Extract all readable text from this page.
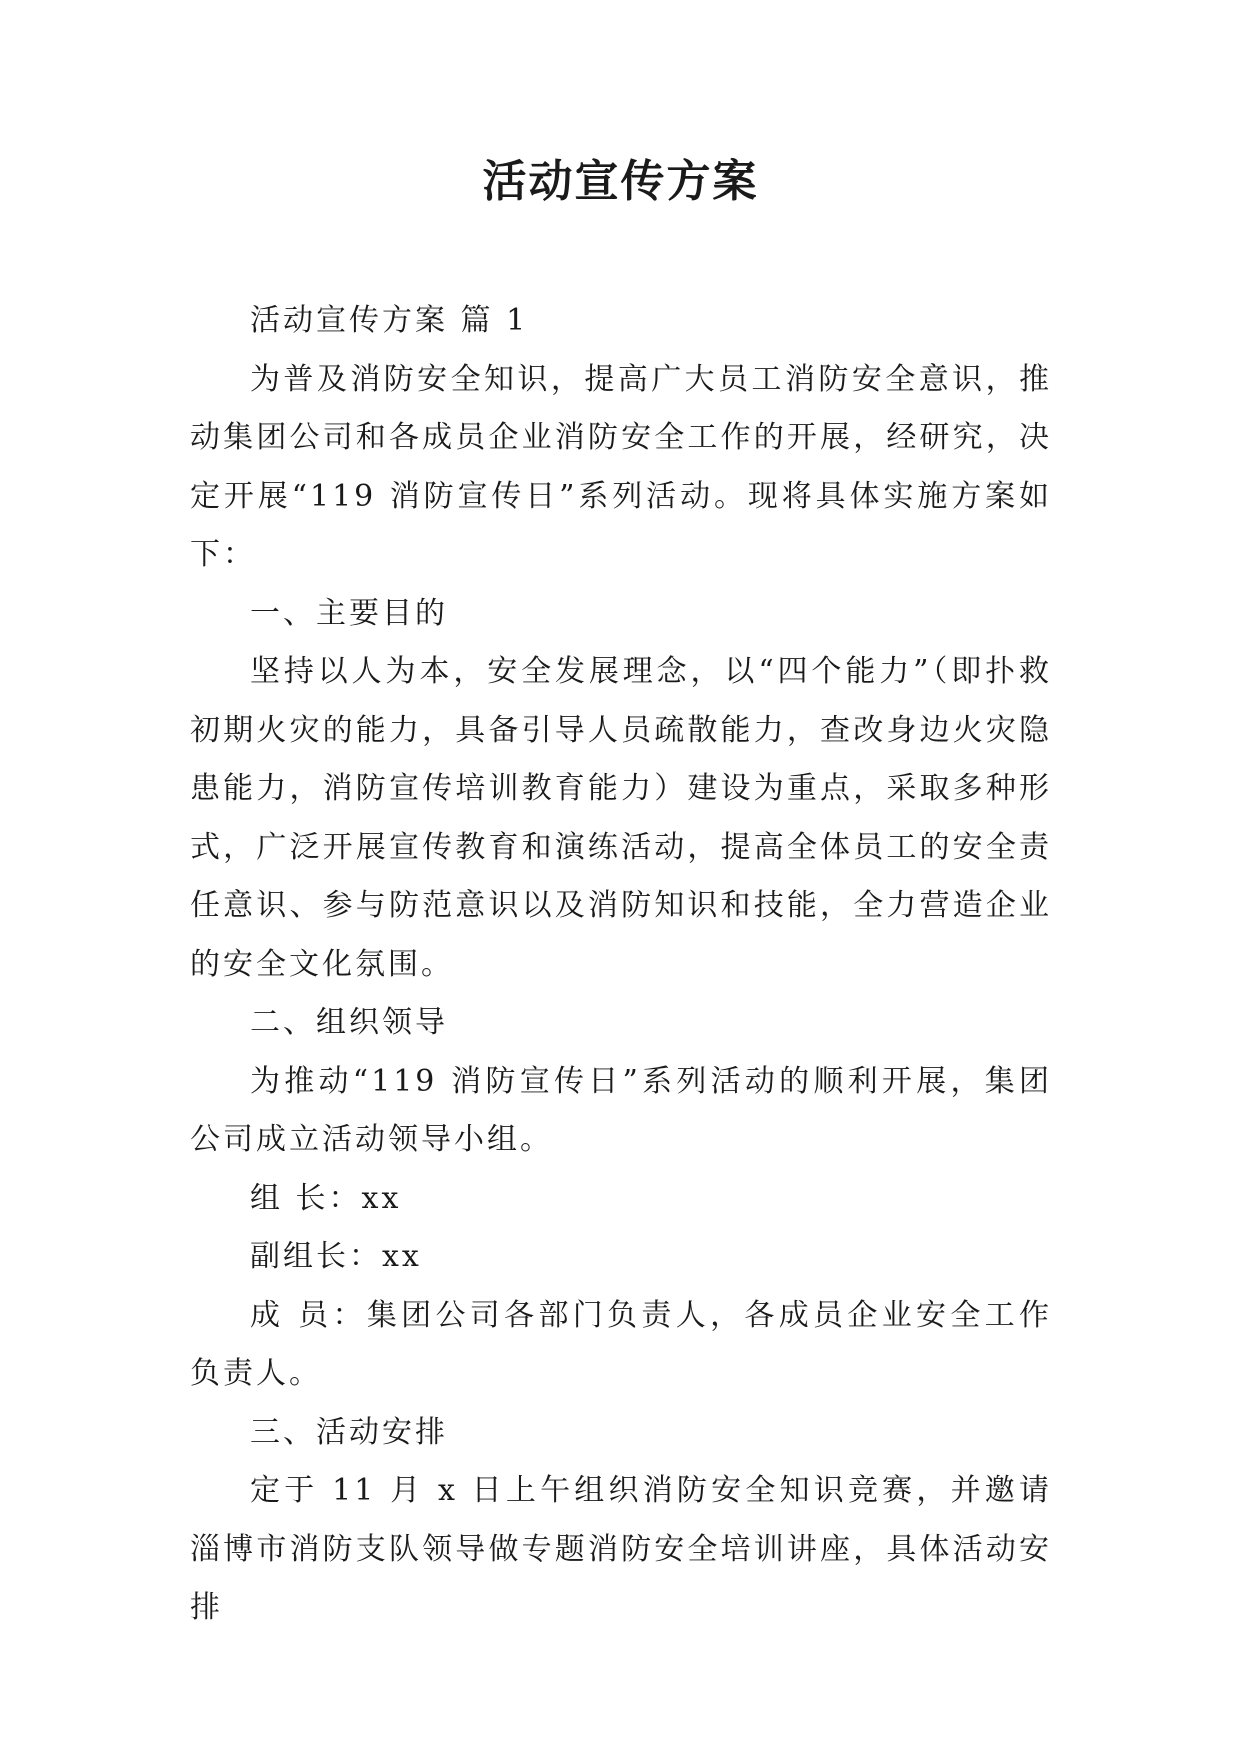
活动宣传方案

活动宣传方案 篇 1

为普及消防安全知识，提高广大员工消防安全意识，推动集团公司和各成员企业消防安全工作的开展，经研究，决定开展“119 消防宣传日”系列活动。现将具体实施方案如下：

一、主要目的

坚持以人为本，安全发展理念，以“四个能力”（即扑救初期火灾的能力，具备引导人员疏散能力，查改身边火灾隐患能力，消防宣传培训教育能力）建设为重点，采取多种形式，广泛开展宣传教育和演练活动，提高全体员工的安全责任意识、参与防范意识以及消防知识和技能，全力营造企业的安全文化氛围。

二、组织领导

为推动“119 消防宣传日”系列活动的顺利开展，集团公司成立活动领导小组。

组 长：xx

副组长：xx

成 员：集团公司各部门负责人，各成员企业安全工作负责人。

三、活动安排

定于 11 月 x 日上午组织消防安全知识竞赛，并邀请淄博市消防支队领导做专题消防安全培训讲座，具体活动安排
